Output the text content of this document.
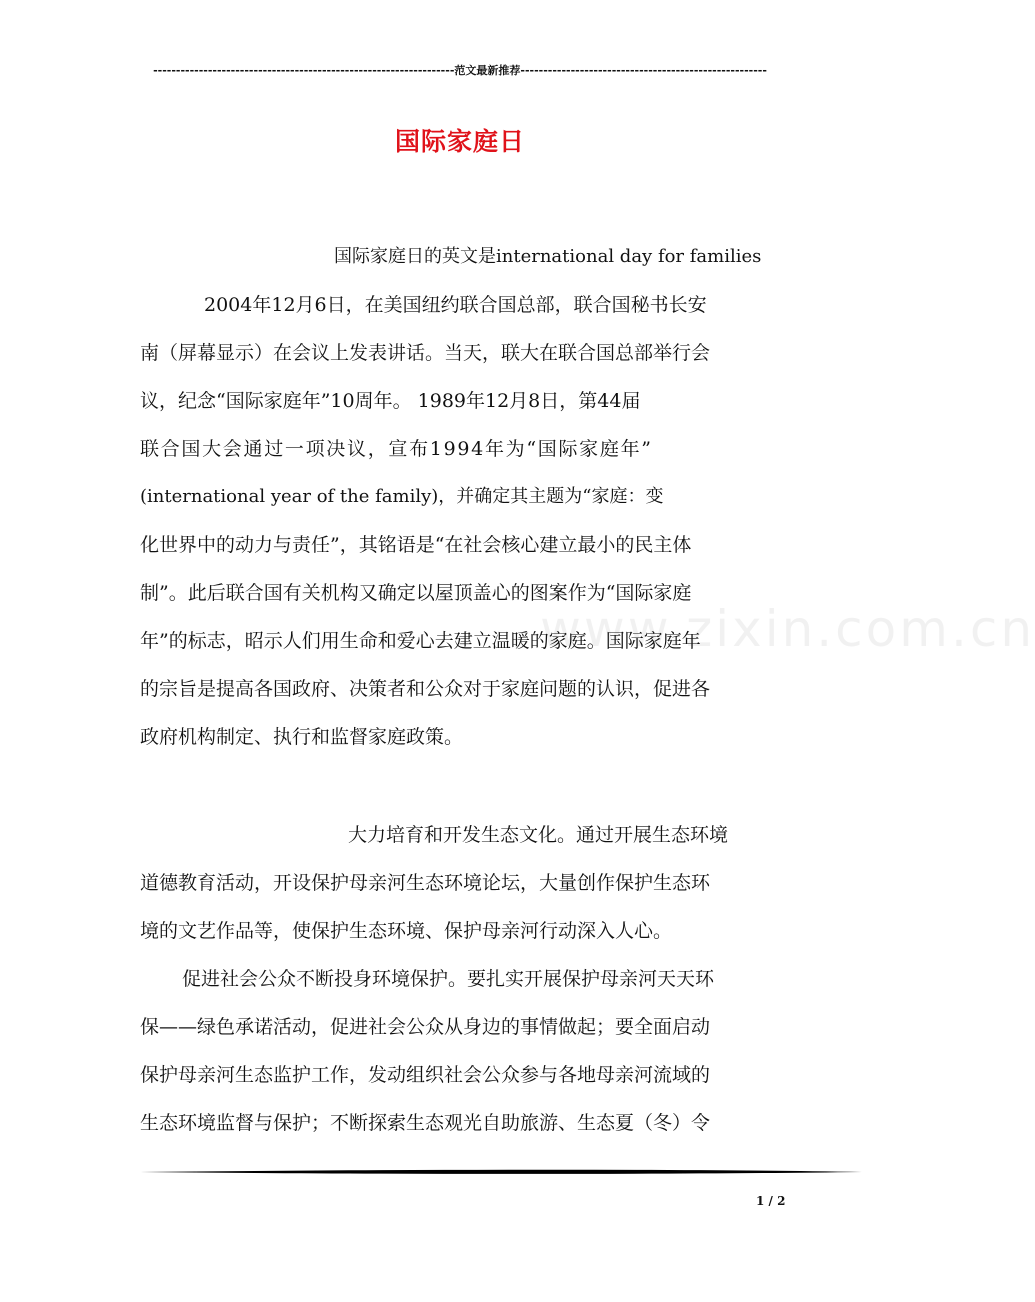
------------------------------------------------------------------范文最新推荐------------------------------------------------------
国际家庭日
www.zixin.com.cn
国际家庭日的英文是international day for families
2004年12月6日，在美国纽约联合国总部，联合国秘书长安
南（屏幕显示）在会议上发表讲话。当天，联大在联合国总部举行会
议，纪念“国际家庭年”10周年。 1989年12月8日，第44届
联合国大会通过一项决议，宣布1994年为“国际家庭年”
(international year of the family)，并确定其主题为“家庭：变
化世界中的动力与责任”，其铭语是“在社会核心建立最小的民主体
制”。此后联合国有关机构又确定以屋顶盖心的图案作为“国际家庭
年”的标志，昭示人们用生命和爱心去建立温暖的家庭。国际家庭年
的宗旨是提高各国政府、决策者和公众对于家庭问题的认识，促进各
政府机构制定、执行和监督家庭政策。
大力培育和开发生态文化。通过开展生态环境
道德教育活动，开设保护母亲河生态环境论坛，大量创作保护生态环
境的文艺作品等，使保护生态环境、保护母亲河行动深入人心。
促进社会公众不断投身环境保护。要扎实开展保护母亲河天天环
保——绿色承诺活动，促进社会公众从身边的事情做起；要全面启动
保护母亲河生态监护工作，发动组织社会公众参与各地母亲河流域的
生态环境监督与保护；不断探索生态观光自助旅游、生态夏（冬）令
1 / 2
